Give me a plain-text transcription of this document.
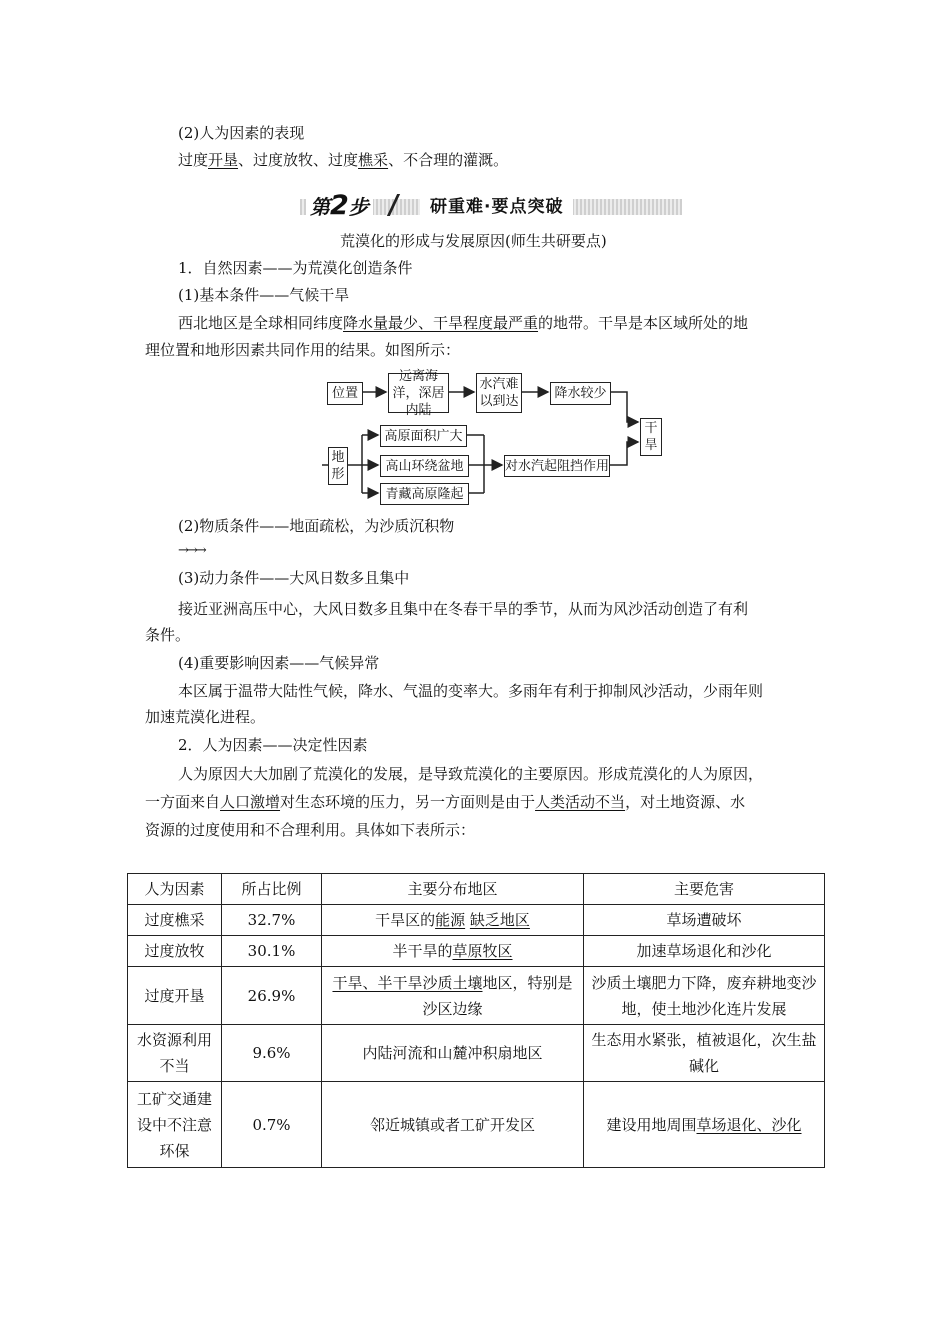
(2)人为因素的表现
过度开垦、过度放牧、过度樵采、不合理的灌溉。
第2步	研重难·要点突破
荒漠化的形成与发展原因(师生共研要点)
1．自然因素——为荒漠化创造条件
(1)基本条件——气候干旱
西北地区是全球相同纬度降水量最少、干旱程度最严重的地带。干旱是本区域所处的地
理位置和地形因素共同作用的结果。如图所示：
位置
远离海洋，深居内陆
水汽难以到达
降水较少
干旱
地形
高原面积广大
高山环绕盆地
青藏高原隆起
对水汽起阻挡作用
(2)物质条件——地面疏松，为沙质沉积物
→→→
(3)动力条件——大风日数多且集中
接近亚洲高压中心，大风日数多且集中在冬春干旱的季节，从而为风沙活动创造了有利
条件。
(4)重要影响因素——气候异常
本区属于温带大陆性气候，降水、气温的变率大。多雨年有利于抑制风沙活动，少雨年则
加速荒漠化进程。
2．人为因素——决定性因素
人为原因大大加剧了荒漠化的发展，是导致荒漠化的主要原因。形成荒漠化的人为原因，
一方面来自人口激增对生态环境的压力，另一方面则是由于人类活动不当，对土地资源、水
资源的过度使用和不合理利用。具体如下表所示：
人为因素	所占比例	主要分布地区	主要危害
过度樵采	32.7%	干旱区的能源 缺乏地区	草场遭破坏
过度放牧	30.1%	半干旱的草原牧区	加速草场退化和沙化
过度开垦	26.9%	干旱、半干旱沙质土壤地区，特别是沙区边缘	沙质土壤肥力下降，废弃耕地变沙地，使土地沙化连片发展
水资源利用不当	9.6%	内陆河流和山麓冲积扇地区	生态用水紧张，植被退化，次生盐碱化
工矿交通建设中不注意环保	0.7%	邻近城镇或者工矿开发区	建设用地周围草场退化、沙化
